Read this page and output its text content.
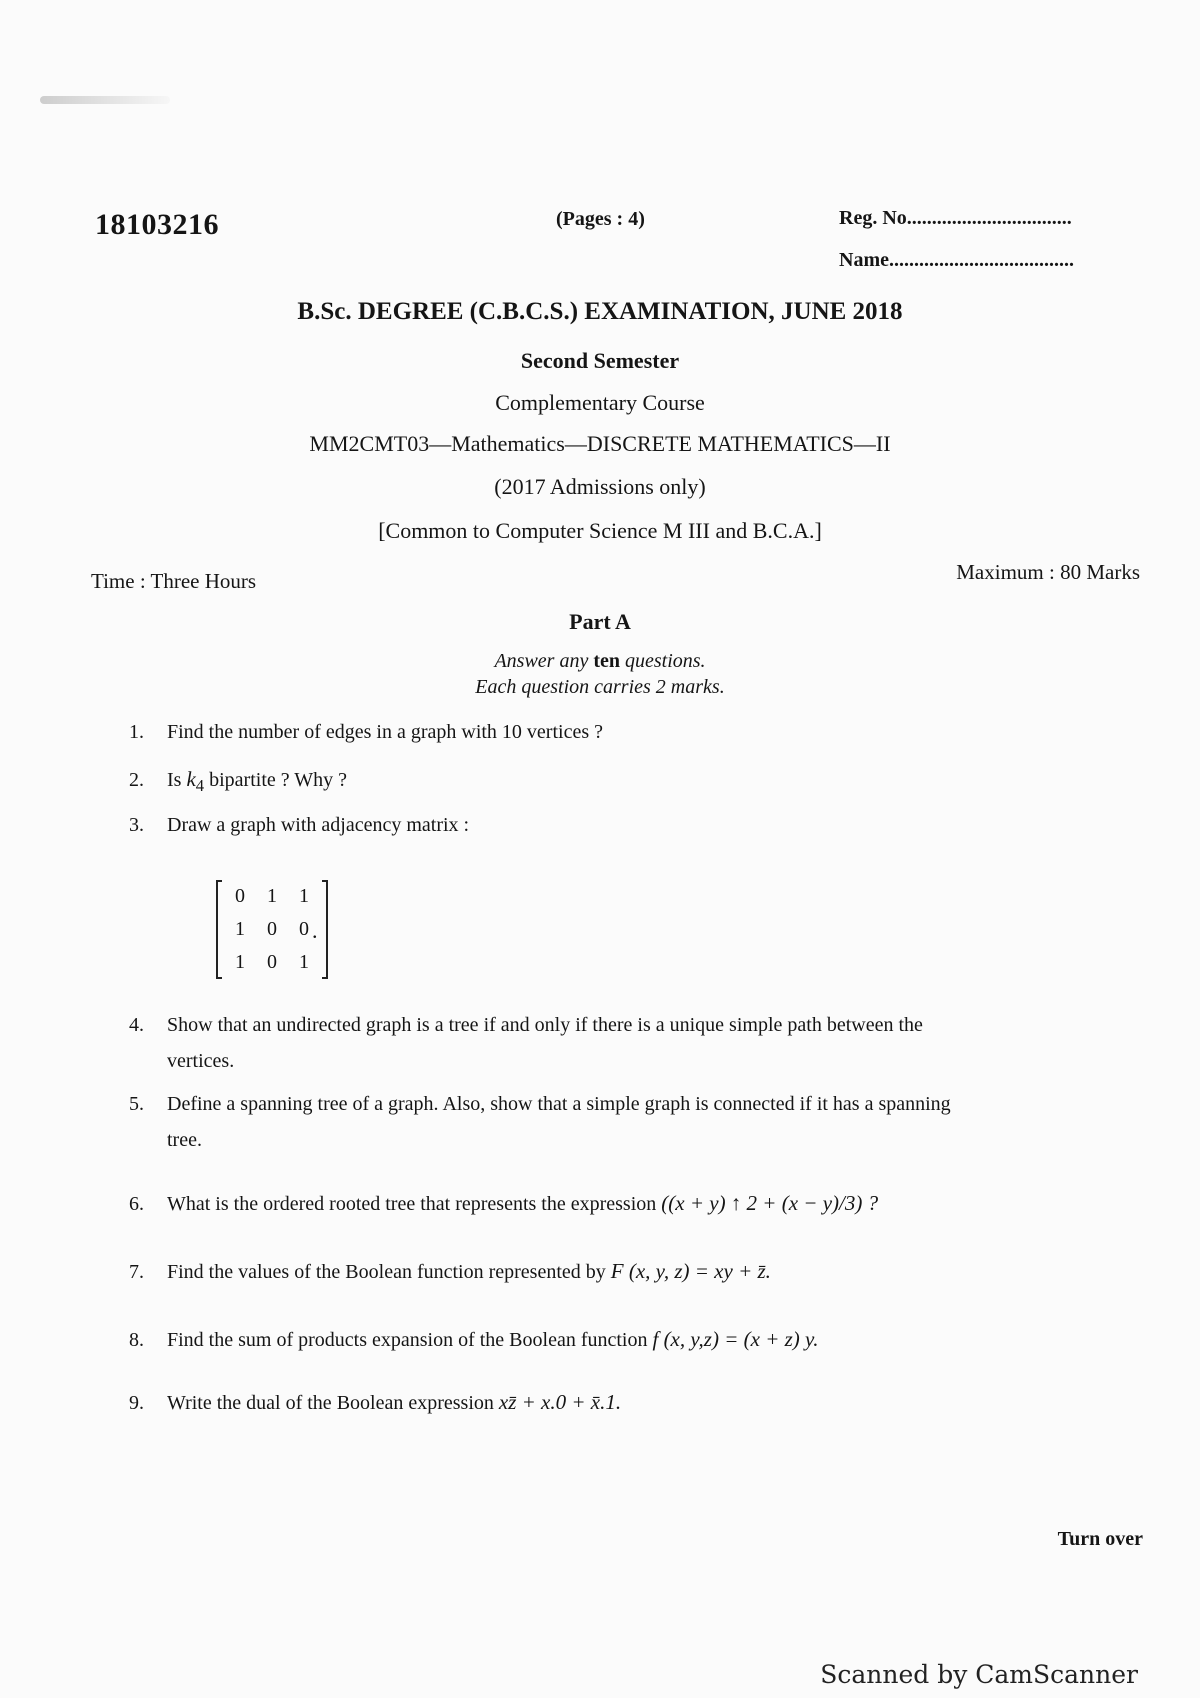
18103216	(Pages : 4)	Reg. No.................................
Name.....................................
B.Sc. DEGREE (C.B.C.S.) EXAMINATION, JUNE 2018
Second Semester
Complementary Course
MM2CMT03—Mathematics—DISCRETE MATHEMATICS—II
(2017 Admissions only)
[Common to Computer Science M III and B.C.A.]
Time : Three Hours	Maximum : 80 Marks
Part A
Answer any ten questions.
Each question carries 2 marks.
1. Find the number of edges in a graph with 10 vertices ?
2. Is $k_4$ bipartite ? Why ?
3. Draw a graph with adjacency matrix :
0 1 1
1 0 0
1 0 1
.
4. Show that an undirected graph is a tree if and only if there is a unique simple path between the
vertices.
5. Define a spanning tree of a graph. Also, show that a simple graph is connected if it has a spanning
tree.
6. What is the ordered rooted tree that represents the expression ((x + y) ↑ 2 + (x − y)/3) ?
7. Find the values of the Boolean function represented by F (x, y, z) = xy + z̄.
8. Find the sum of products expansion of the Boolean function f (x, y,z) = (x + z) y.
9. Write the dual of the Boolean expression xz̄ + x.0 + x̄.1.
Turn over
Scanned by CamScanner
